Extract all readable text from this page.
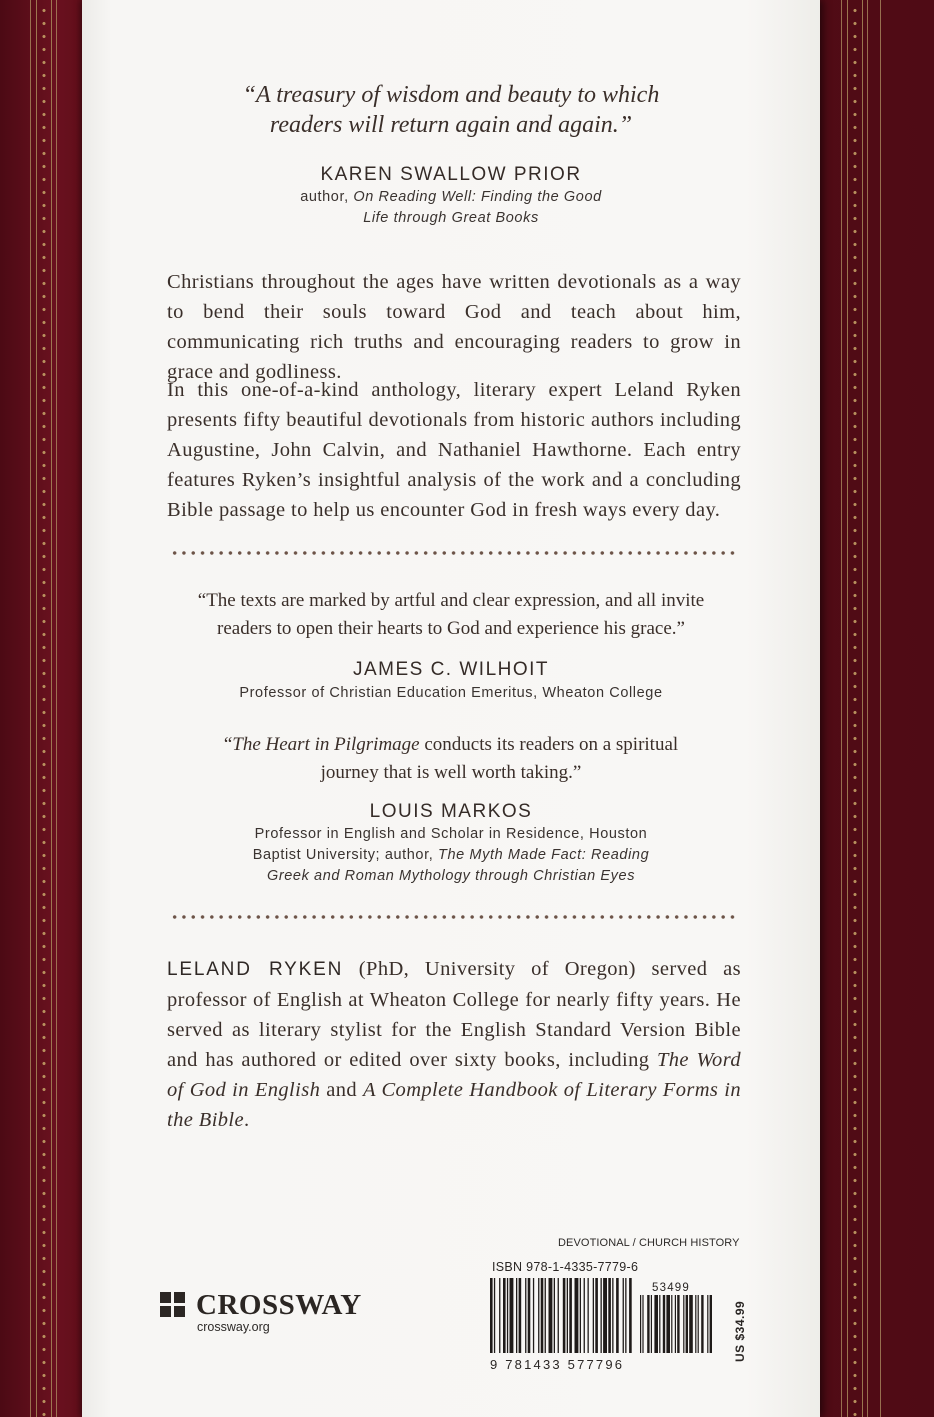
“A treasury of wisdom and beauty to which
readers will return again and again.”
KAREN SWALLOW PRIOR
author, On Reading Well: Finding the Good
Life through Great Books
Christians throughout the ages have written devotionals as a way to bend their souls toward God and teach about him, communicating rich truths and encouraging readers to grow in grace and godliness.
In this one-of-a-kind anthology, literary expert Leland Ryken presents fifty beautiful devotionals from historic authors including Augustine, John Calvin, and Nathaniel Hawthorne. Each entry features Ryken’s insightful analysis of the work and a concluding Bible passage to help us encounter God in fresh ways every day.
“The texts are marked by artful and clear expression, and all invite
readers to open their hearts to God and experience his grace.”
JAMES C. WILHOIT
Professor of Christian Education Emeritus, Wheaton College
“The Heart in Pilgrimage conducts its readers on a spiritual
journey that is well worth taking.”
LOUIS MARKOS
Professor in English and Scholar in Residence, Houston
Baptist University; author, The Myth Made Fact: Reading
Greek and Roman Mythology through Christian Eyes
LELAND RYKEN (PhD, University of Oregon) served as professor of English at Wheaton College for nearly fifty years. He served as literary stylist for the English Standard Version Bible and has authored or edited over sixty books, including The Word of God in English and A Complete Handbook of Literary Forms in the Bible.
DEVOTIONAL / CHURCH HISTORY
CROSSWAY
crossway.org
ISBN 978-1-4335-7779-6
9 781433 577796
53499
US $34.99
